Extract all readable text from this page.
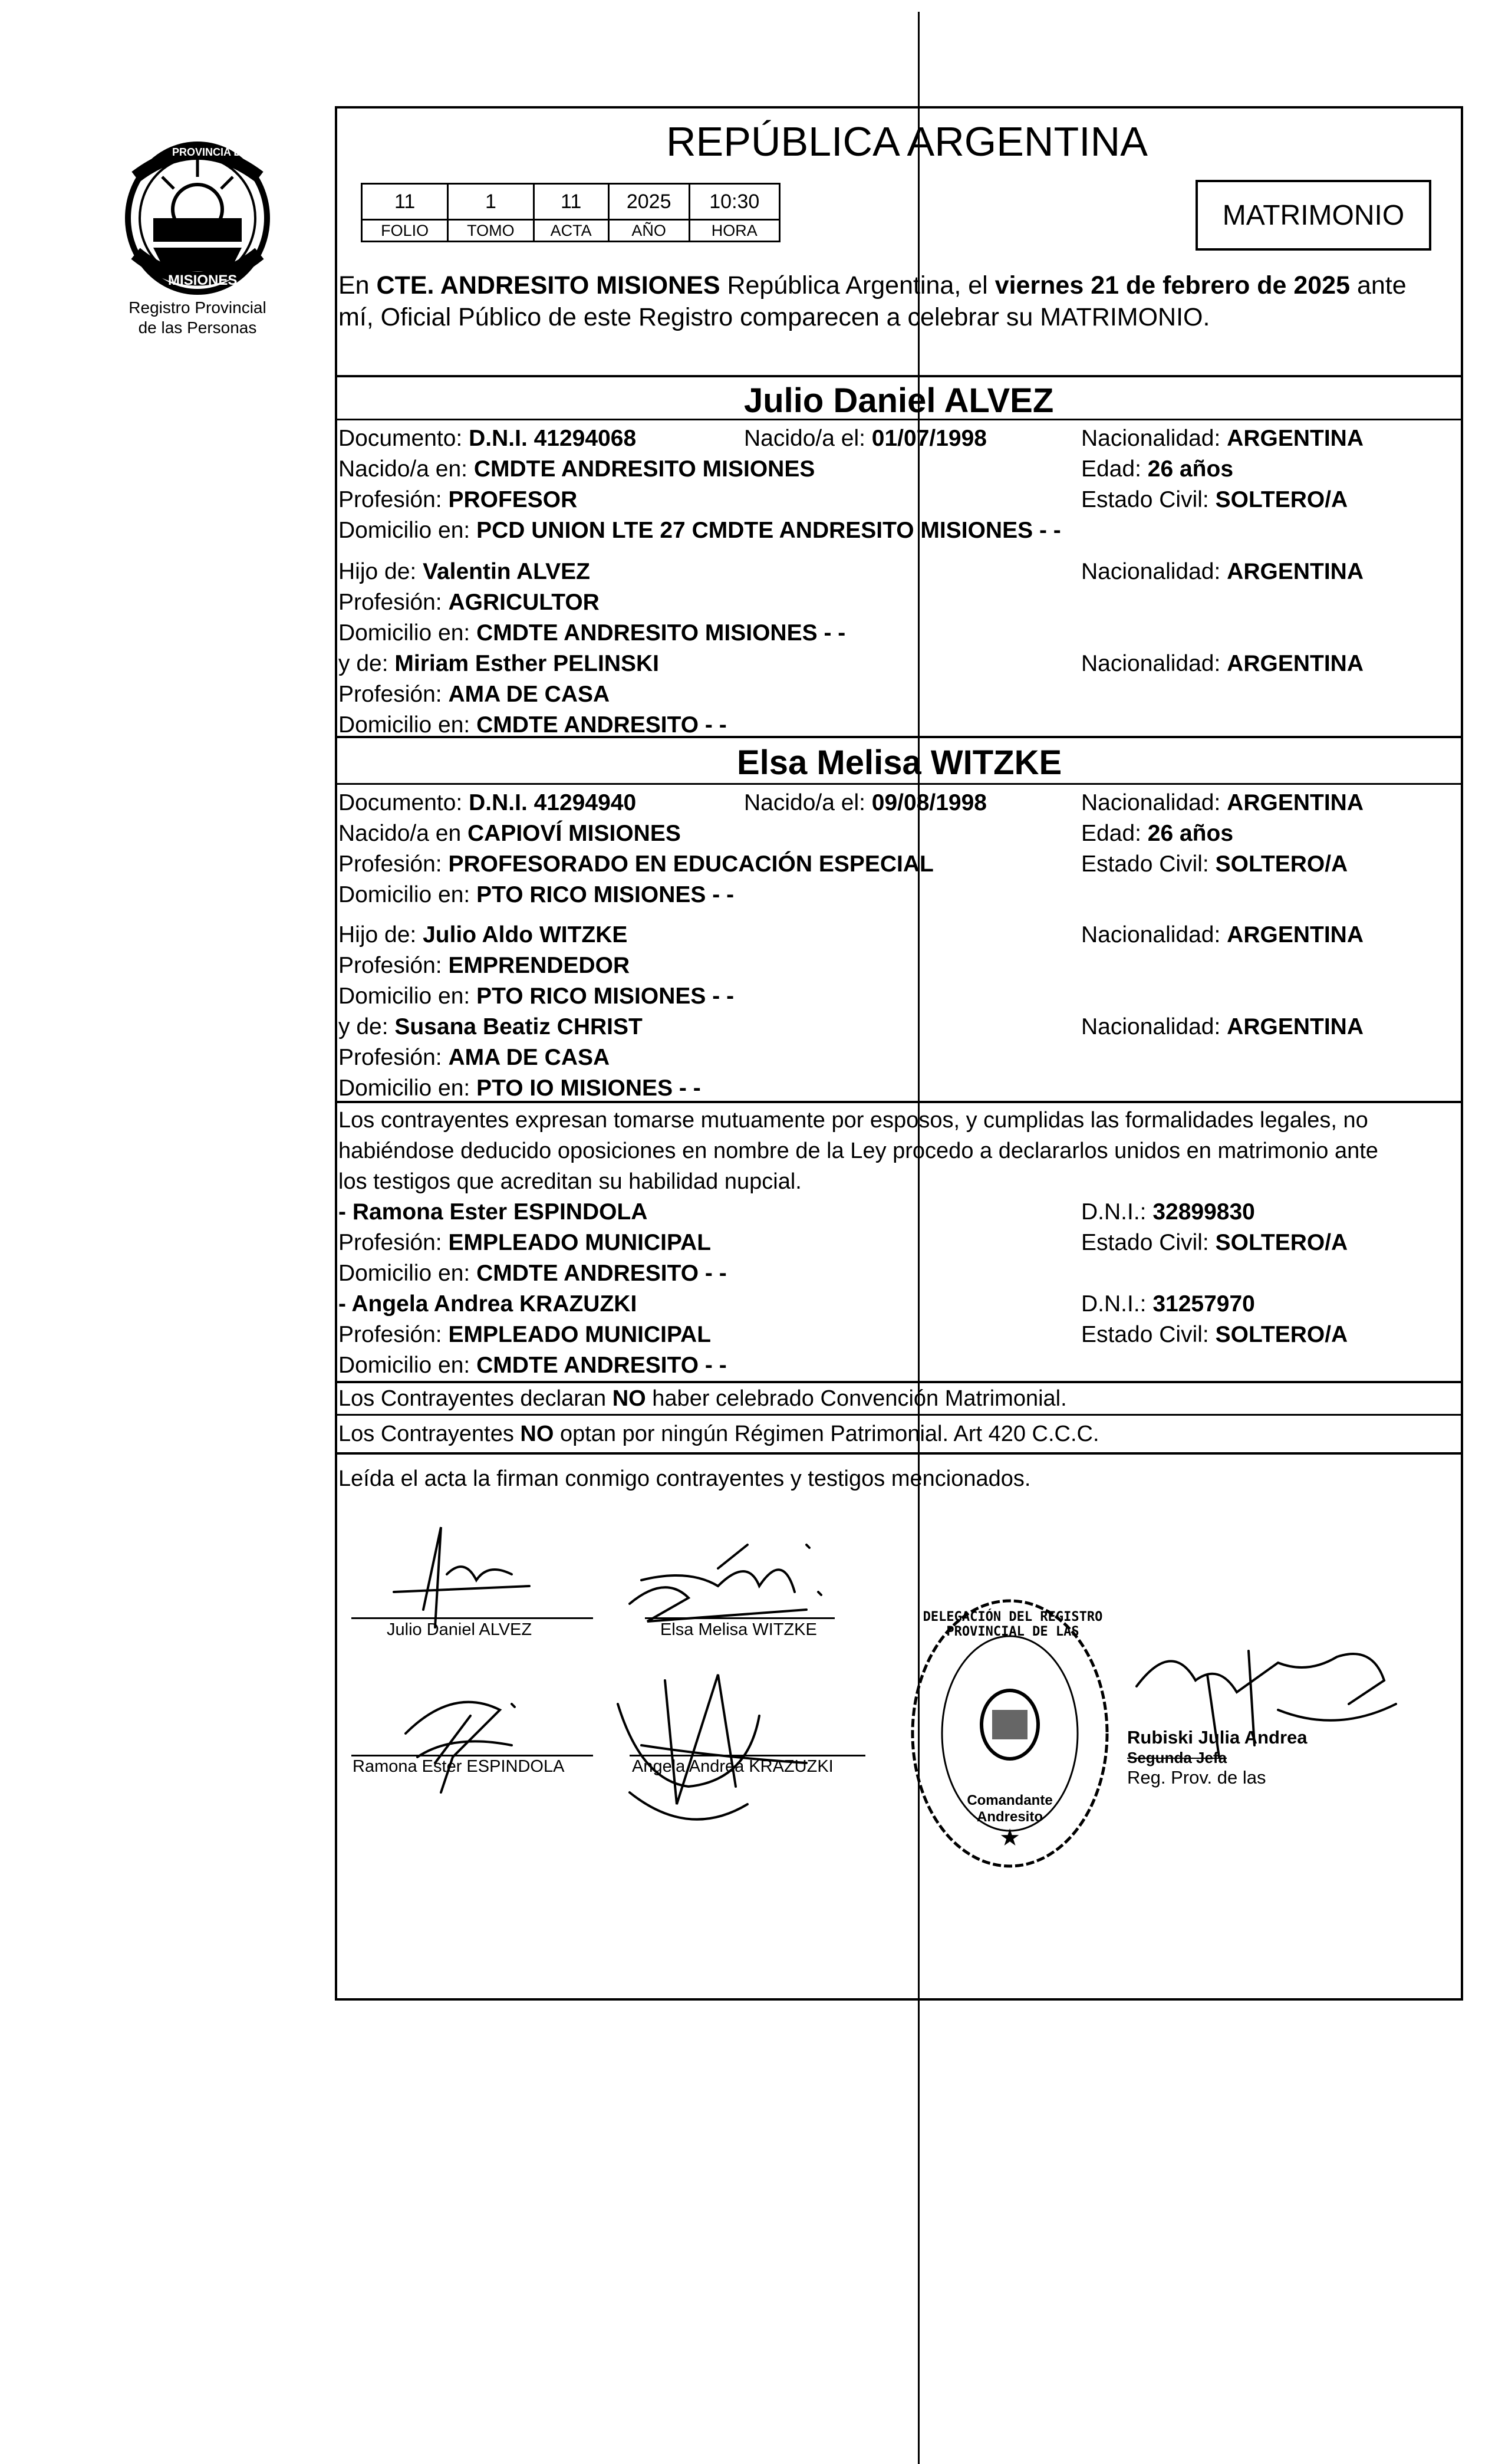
PROVINCIA DE
MISIONES
Registro Provincial
de las Personas
REPÚBLICA ARGENTINA
11	1	11	2025	10:30
FOLIO	TOMO	ACTA	AÑO	HORA	MATRIMONIO
En CTE. ANDRESITO MISIONES República Argentina, el viernes 21 de febrero de 2025 ante
mí, Oficial Público de este Registro comparecen a celebrar su MATRIMONIO.
Julio Daniel ALVEZ
Documento: D.N.I. 41294068	Nacido/a el: 01/07/1998	Nacionalidad: ARGENTINA
Nacido/a en: CMDTE ANDRESITO MISIONES	Edad: 26 años
Profesión: PROFESOR	Estado Civil: SOLTERO/A
Domicilio en: PCD UNION LTE 27 CMDTE ANDRESITO MISIONES - -
Hijo de: Valentin ALVEZ	Nacionalidad: ARGENTINA
Profesión: AGRICULTOR
Domicilio en: CMDTE ANDRESITO MISIONES - -
y de: Miriam Esther PELINSKI	Nacionalidad: ARGENTINA
Profesión: AMA DE CASA
Domicilio en: CMDTE ANDRESITO - -
Elsa Melisa WITZKE
Documento: D.N.I. 41294940	Nacido/a el: 09/08/1998	Nacionalidad: ARGENTINA
Nacido/a en CAPIOVÍ MISIONES	Edad: 26 años
Profesión: PROFESORADO EN EDUCACIÓN ESPECIAL	Estado Civil: SOLTERO/A
Domicilio en: PTO RICO MISIONES - -
Hijo de: Julio Aldo WITZKE	Nacionalidad: ARGENTINA
Profesión: EMPRENDEDOR
Domicilio en: PTO RICO MISIONES - -
y de: Susana Beatiz CHRIST	Nacionalidad: ARGENTINA
Profesión: AMA DE CASA
Domicilio en: PTO IO MISIONES - -
Los contrayentes expresan tomarse mutuamente por esposos, y cumplidas las formalidades legales, no
habiéndose deducido oposiciones en nombre de la Ley procedo a declararlos unidos en matrimonio ante
los testigos que acreditan su habilidad nupcial.
- Ramona Ester ESPINDOLA	D.N.I.: 32899830
Profesión: EMPLEADO MUNICIPAL	Estado Civil: SOLTERO/A
Domicilio en: CMDTE ANDRESITO - -
- Angela Andrea KRAZUZKI	D.N.I.: 31257970
Profesión: EMPLEADO MUNICIPAL	Estado Civil: SOLTERO/A
Domicilio en: CMDTE ANDRESITO - -
Los Contrayentes declaran NO haber celebrado Convención Matrimonial.
Los Contrayentes NO optan por ningún Régimen Patrimonial. Art 420 C.C.C.
Leída el acta la firman conmigo contrayentes y testigos mencionados.
Julio Daniel ALVEZ	Elsa Melisa WITZKE
Ramona Ester ESPINDOLA	Angela Andrea KRAZUZKI
★
DELEGACIÓN DEL REGISTRO PROVINCIAL DE LAS
Comandante Andresito
Rubiski Julia Andrea
Segunda Jefa
Reg. Prov. de las
